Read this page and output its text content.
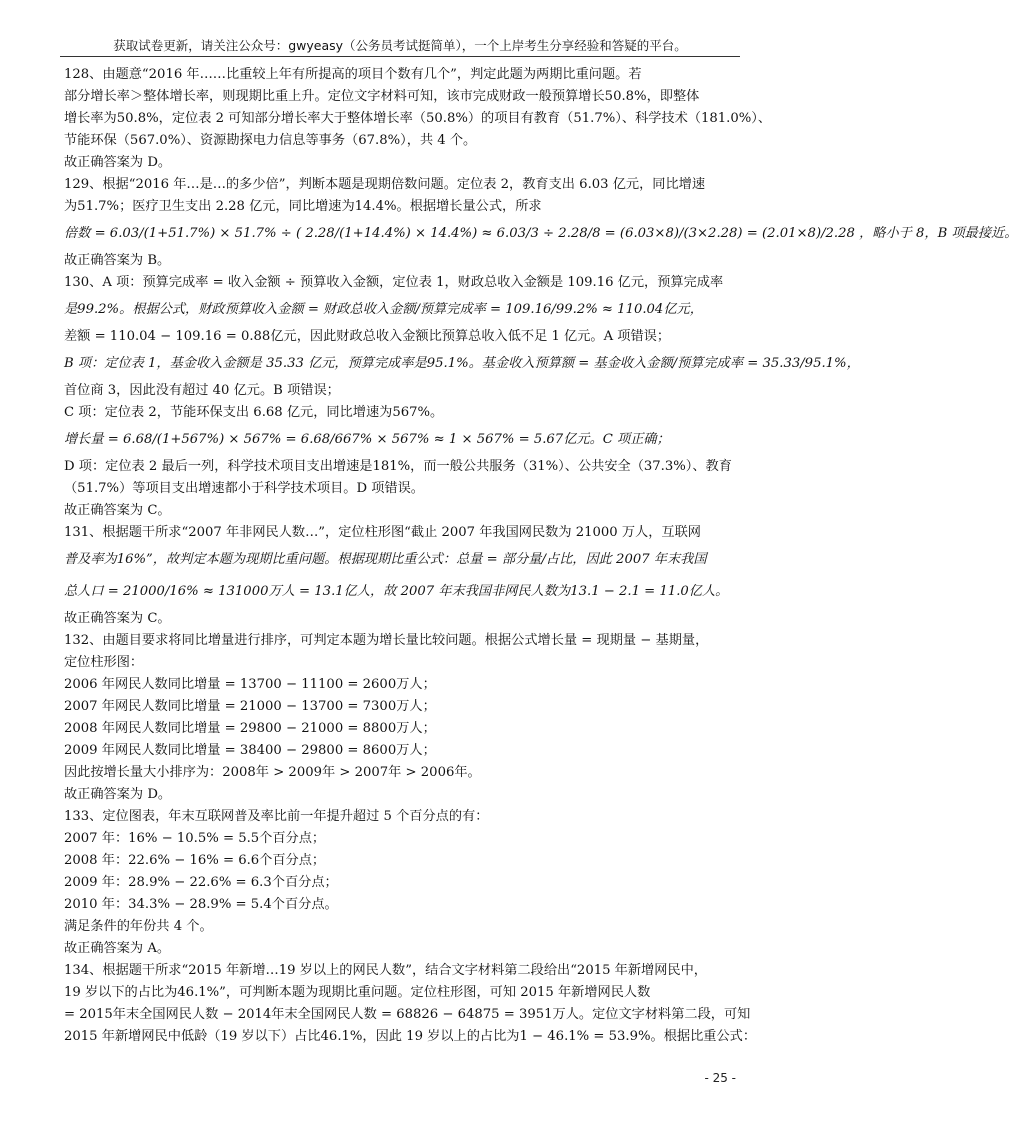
获取试卷更新，请关注公众号：gwyeasy（公务员考试挺简单），一个上岸考生分享经验和答疑的平台。
128、由题意“2016 年……比重较上年有所提高的项目个数有几个”，判定此题为两期比重问题。若
部分增长率＞整体增长率，则现期比重上升。定位文字材料可知，该市完成财政一般预算增长50.8%，即整体
增长率为50.8%，定位表 2 可知部分增长率大于整体增长率（50.8%）的项目有教育（51.7%）、科学技术（181.0%）、
节能环保（567.0%）、资源勘探电力信息等事务（67.8%），共 4 个。
故正确答案为 D。
129、根据“2016 年…是…的多少倍”，判断本题是现期倍数问题。定位表 2，教育支出 6.03 亿元，同比增速
为51.7%；医疗卫生支出 2.28 亿元，同比增速为14.4%。根据增长量公式，所求
倍数 = 6.03/(1+51.7%) × 51.7% ÷ ( 2.28/(1+14.4%) × 14.4%) ≈ 6.03/3 ÷ 2.28/8 = (6.03×8)/(3×2.28) = (2.01×8)/2.28 ，略小于 8，B 项最接近。
故正确答案为 B。
130、A 项：预算完成率 = 收入金额 ÷ 预算收入金额，定位表 1，财政总收入金额是 109.16 亿元，预算完成率
是99.2%。根据公式，财政预算收入金额 = 财政总收入金额/预算完成率 = 109.16/99.2% ≈ 110.04亿元，
差额 = 110.04 − 109.16 = 0.88亿元，因此财政总收入金额比预算总收入低不足 1 亿元。A 项错误；
B 项：定位表 1，基金收入金额是 35.33 亿元，预算完成率是95.1%。基金收入预算额 = 基金收入金额/预算完成率 = 35.33/95.1%，
首位商 3，因此没有超过 40 亿元。B 项错误；
C 项：定位表 2，节能环保支出 6.68 亿元，同比增速为567%。
增长量 = 6.68/(1+567%) × 567% = 6.68/667% × 567% ≈ 1 × 567% = 5.67亿元。C 项正确；
D 项：定位表 2 最后一列，科学技术项目支出增速是181%，而一般公共服务（31%）、公共安全（37.3%）、教育
（51.7%）等项目支出增速都小于科学技术项目。D 项错误。
故正确答案为 C。
131、根据题干所求“2007 年非网民人数…”，定位柱形图“截止 2007 年我国网民数为 21000 万人，互联网
普及率为16%”，故判定本题为现期比重问题。根据现期比重公式：总量 = 部分量/占比，因此 2007 年末我国
总人口 = 21000/16% ≈ 131000万人 = 13.1亿人，故 2007 年末我国非网民人数为13.1 − 2.1 = 11.0亿人。
故正确答案为 C。
132、由题目要求将同比增量进行排序，可判定本题为增长量比较问题。根据公式增长量 = 现期量 − 基期量，
定位柱形图：
2006 年网民人数同比增量 = 13700 − 11100 = 2600万人；
2007 年网民人数同比增量 = 21000 − 13700 = 7300万人；
2008 年网民人数同比增量 = 29800 − 21000 = 8800万人；
2009 年网民人数同比增量 = 38400 − 29800 = 8600万人；
因此按增长量大小排序为：2008年 > 2009年 > 2007年 > 2006年。
故正确答案为 D。
133、定位图表，年末互联网普及率比前一年提升超过 5 个百分点的有：
2007 年：16% − 10.5% = 5.5个百分点；
2008 年：22.6% − 16% = 6.6个百分点；
2009 年：28.9% − 22.6% = 6.3个百分点；
2010 年：34.3% − 28.9% = 5.4个百分点。
满足条件的年份共 4 个。
故正确答案为 A。
134、根据题干所求“2015 年新增…19 岁以上的网民人数”，结合文字材料第二段给出“2015 年新增网民中，
19 岁以下的占比为46.1%”，可判断本题为现期比重问题。定位柱形图，可知 2015 年新增网民人数
= 2015年末全国网民人数 − 2014年末全国网民人数 = 68826 − 64875 = 3951万人。定位文字材料第二段，可知
2015 年新增网民中低龄（19 岁以下）占比46.1%，因此 19 岁以上的占比为1 − 46.1% = 53.9%。根据比重公式：
- 25 -
